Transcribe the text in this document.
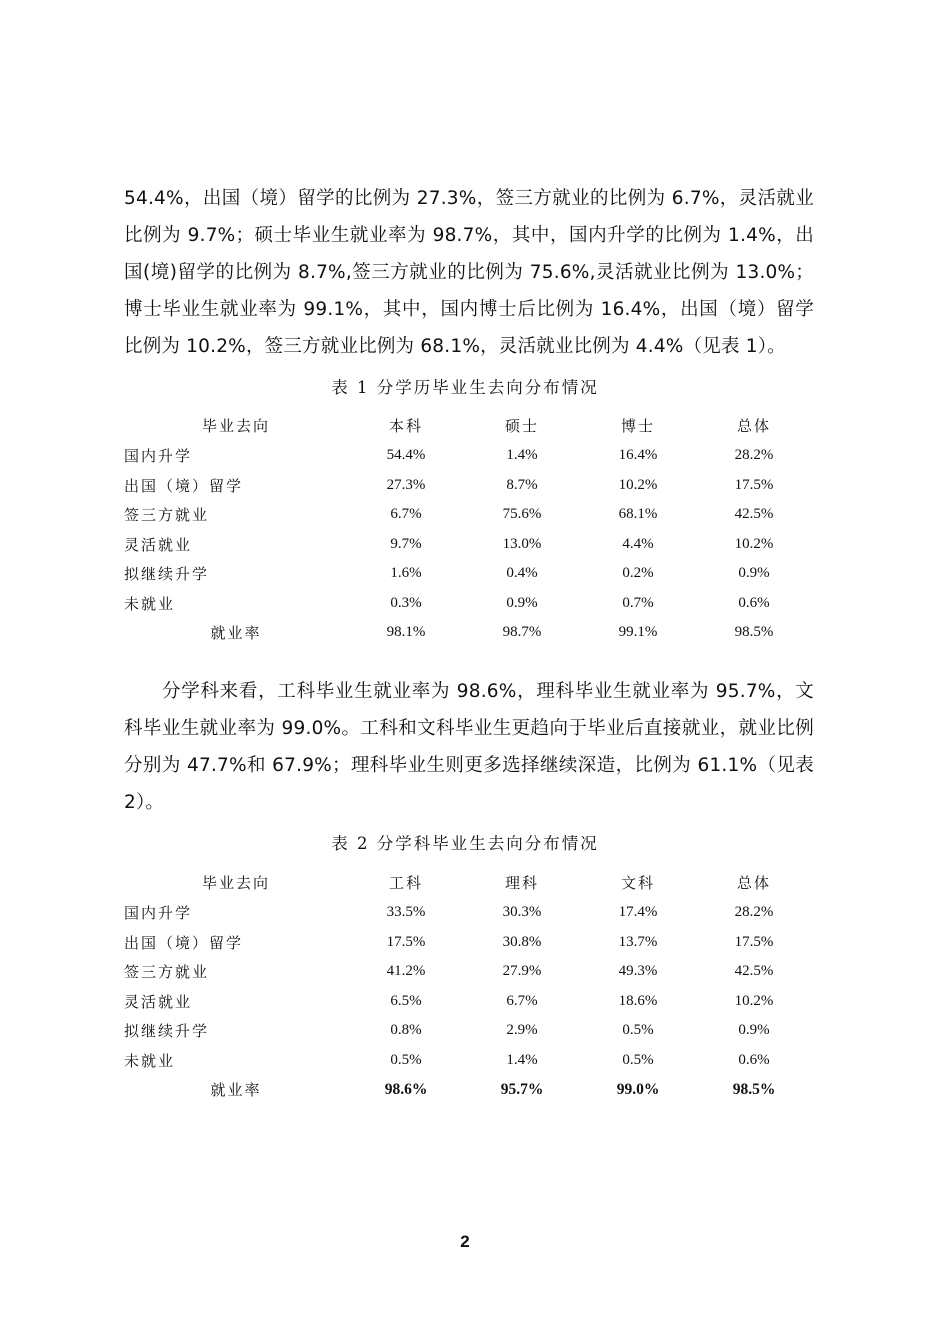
54.4%，出国（境）留学的比例为 27.3%，签三方就业的比例为 6.7%，灵活就业比例为 9.7%；硕士毕业生就业率为 98.7%，其中，国内升学的比例为 1.4%，出国(境)留学的比例为 8.7%,签三方就业的比例为 75.6%,灵活就业比例为 13.0%；博士毕业生就业率为 99.1%，其中，国内博士后比例为 16.4%，出国（境）留学比例为 10.2%，签三方就业比例为 68.1%，灵活就业比例为 4.4%（见表 1）。

表 1 分学历毕业生去向分布情况

毕业去向	本科	硕士	博士	总体
国内升学	54.4%	1.4%	16.4%	28.2%
出国（境）留学	27.3%	8.7%	10.2%	17.5%
签三方就业	6.7%	75.6%	68.1%	42.5%
灵活就业	9.7%	13.0%	4.4%	10.2%
拟继续升学	1.6%	0.4%	0.2%	0.9%
未就业	0.3%	0.9%	0.7%	0.6%
就业率	98.1%	98.7%	99.1%	98.5%

分学科来看，工科毕业生就业率为 98.6%，理科毕业生就业率为 95.7%，文科毕业生就业率为 99.0%。工科和文科毕业生更趋向于毕业后直接就业，就业比例分别为 47.7%和 67.9%；理科毕业生则更多选择继续深造，比例为 61.1%（见表 2）。

表 2 分学科毕业生去向分布情况

毕业去向	工科	理科	文科	总体
国内升学	33.5%	30.3%	17.4%	28.2%
出国（境）留学	17.5%	30.8%	13.7%	17.5%
签三方就业	41.2%	27.9%	49.3%	42.5%
灵活就业	6.5%	6.7%	18.6%	10.2%
拟继续升学	0.8%	2.9%	0.5%	0.9%
未就业	0.5%	1.4%	0.5%	0.6%
就业率	98.6%	95.7%	99.0%	98.5%

2
